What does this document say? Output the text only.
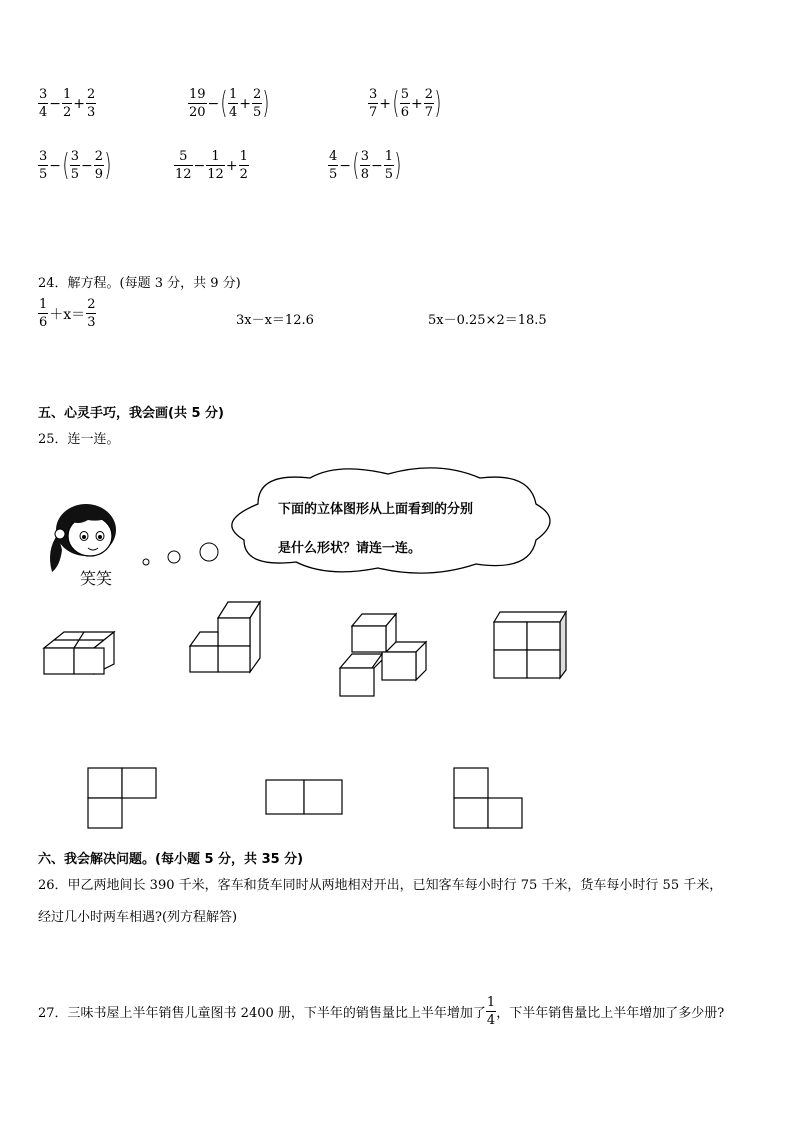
$\frac{3}{4} - \frac{1}{2} + \frac{2}{3}$	$\frac{19}{20}$ − ( $\frac{1}{4} + \frac{2}{5}$ )	$\frac{3}{7}$ + ( $\frac{5}{6} + \frac{2}{7}$ )
$\frac{3}{5}$ − ( $\frac{3}{5} - \frac{2}{9}$ )	$\frac{5}{12} - \frac{1}{12} + \frac{1}{2}$	$\frac{4}{5}$ − ( $\frac{3}{8} - \frac{1}{5}$ )
24．解方程。(每题 3 分，共 9 分)
$\frac{1}{6} +x= \frac{2}{3}$	3x－x＝12.6	5x－0.25×2＝18.5
五、心灵手巧，我会画(共 5 分)
25．连一连。
笑笑
下面的立体图形从上面看到的分别
是什么形状？请连一连。
六、我会解决问题。(每小题 5 分，共 35 分)
26．甲乙两地间长 390 千米，客车和货车同时从两地相对开出，已知客车每小时行 75 千米，货车每小时行 55 千米，
经过几小时两车相遇?(列方程解答)
27．三味书屋上半年销售儿童图书 2400 册，下半年的销售量比上半年增加了 $\frac{1}{4}$ ，下半年销售量比上半年增加了多少册?
